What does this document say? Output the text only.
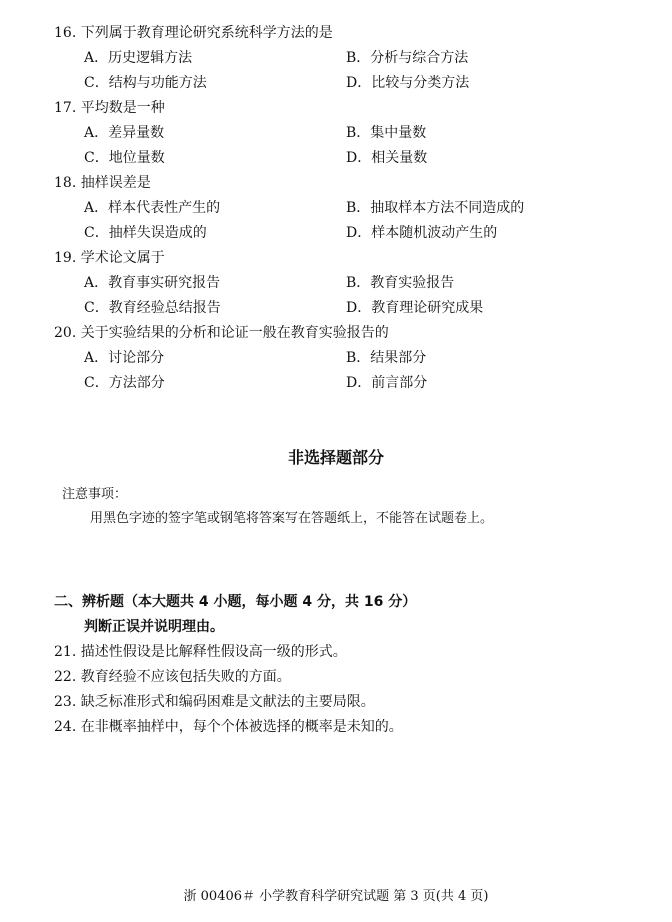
16. 下列属于教育理论研究系统科学方法的是
A．历史逻辑方法	B．分析与综合方法
C．结构与功能方法	D．比较与分类方法
17. 平均数是一种
A．差异量数	B．集中量数
C．地位量数	D．相关量数
18. 抽样误差是
A．样本代表性产生的	B．抽取样本方法不同造成的
C．抽样失误造成的	D．样本随机波动产生的
19. 学术论文属于
A．教育事实研究报告	B．教育实验报告
C．教育经验总结报告	D．教育理论研究成果
20. 关于实验结果的分析和论证一般在教育实验报告的
A．讨论部分	B．结果部分
C．方法部分	D．前言部分
非选择题部分
注意事项：
用黑色字迹的签字笔或钢笔将答案写在答题纸上，不能答在试题卷上。
二、辨析题（本大题共 4 小题，每小题 4 分，共 16 分）
判断正误并说明理由。
21. 描述性假设是比解释性假设高一级的形式。
22. 教育经验不应该包括失败的方面。
23. 缺乏标准形式和编码困难是文献法的主要局限。
24. 在非概率抽样中，每个个体被选择的概率是未知的。
浙 00406＃ 小学教育科学研究试题 第 3 页(共 4 页)
